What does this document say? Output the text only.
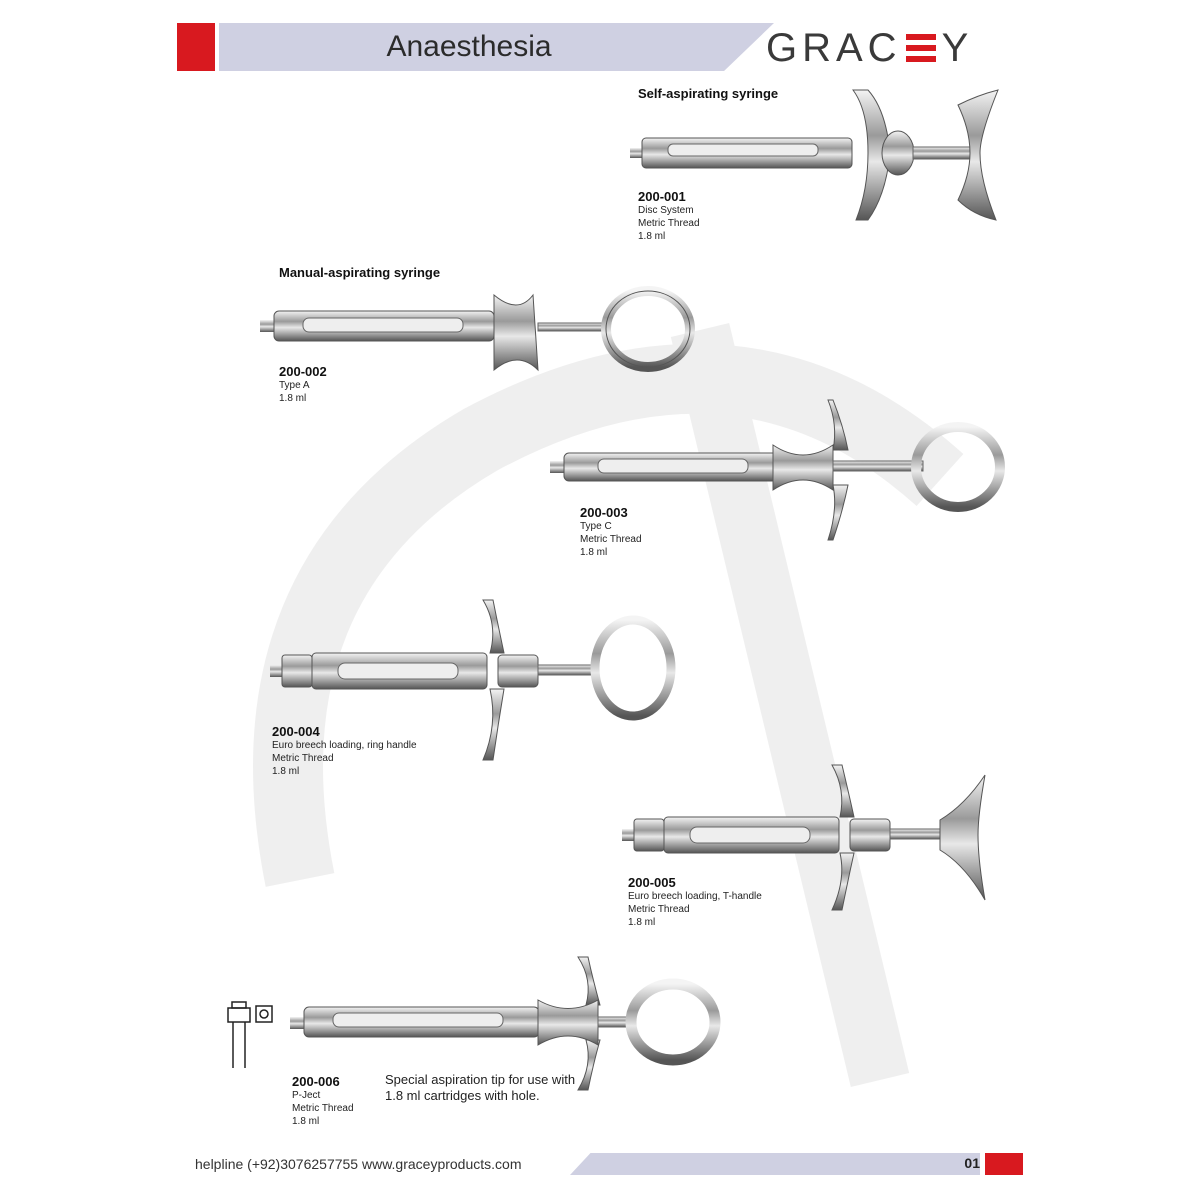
Anaesthesia	GRAC Y
Self-aspirating syringe
Manual-aspirating syringe
200-001
Disc System
Metric Thread
1.8 ml
200-002
Type A
1.8 ml
200-003
Type C
Metric Thread
1.8 ml
200-004
Euro breech loading, ring handle
Metric Thread
1.8 ml
200-005
Euro breech loading, T-handle
Metric Thread
1.8 ml
200-006
P-Ject
Metric Thread
1.8 ml
Special aspiration tip for use with
1.8 ml cartridges with hole.
helpline (+92)3076257755 www.graceyproducts.com	01
